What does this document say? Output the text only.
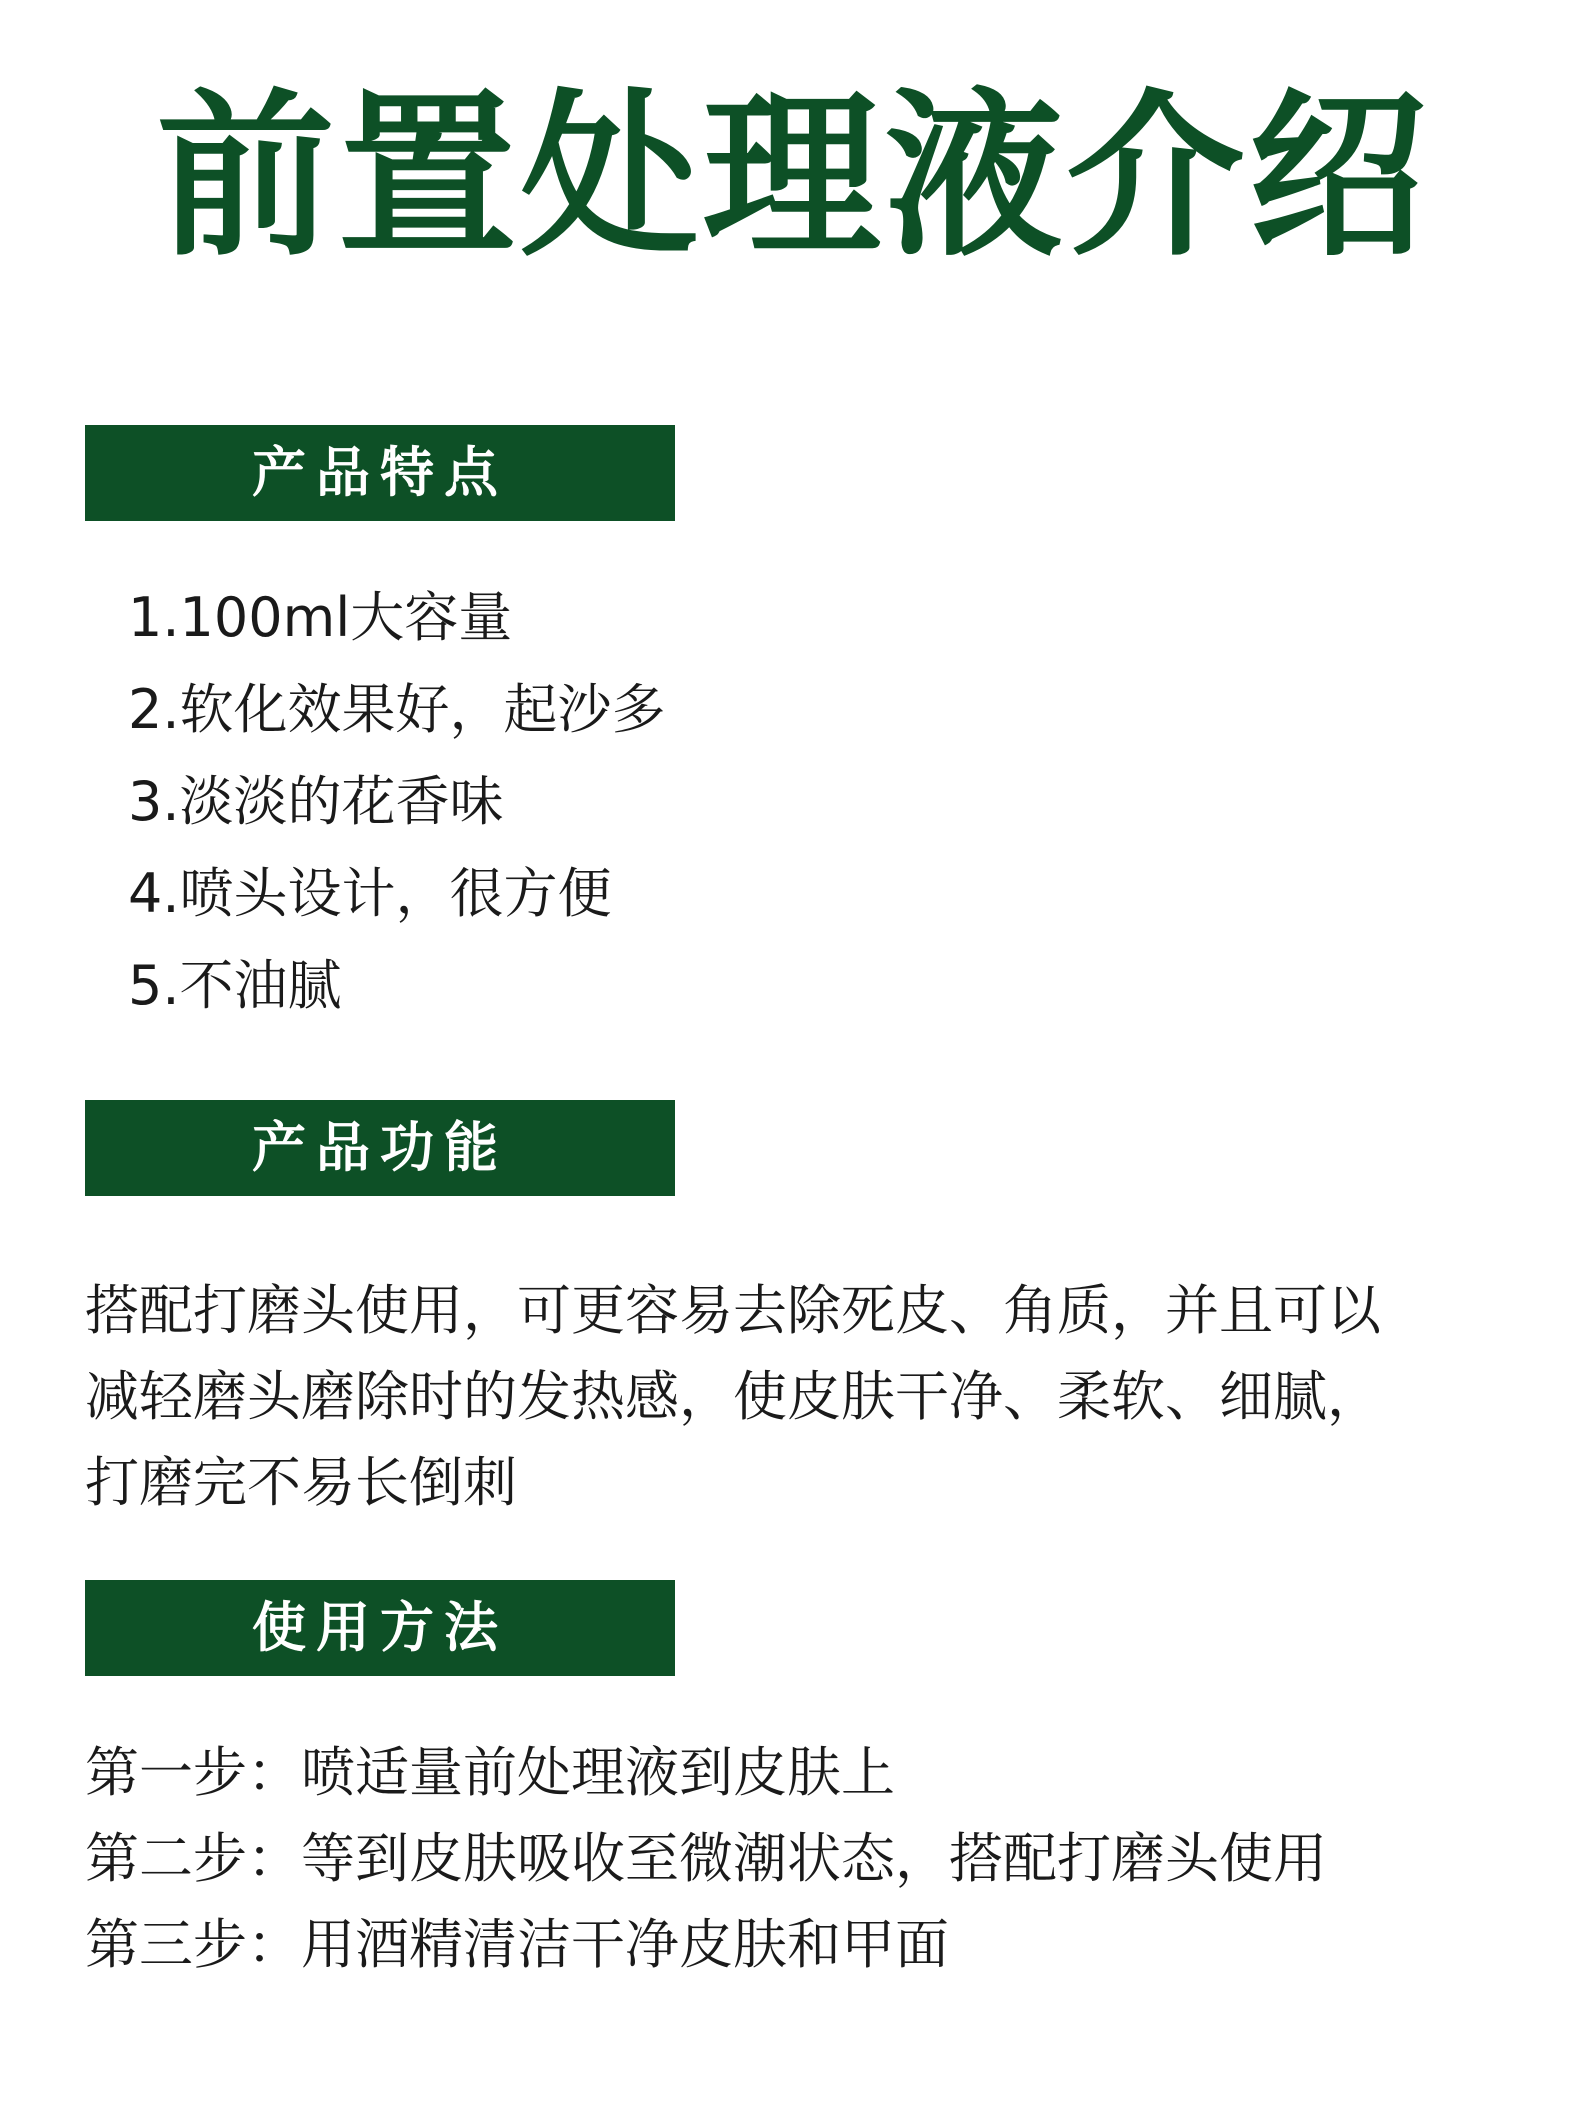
前置处理液介绍
产品特点
1.100ml大容量
2.软化效果好，起沙多
3.淡淡的花香味
4.喷头设计，很方便
5.不油腻
产品功能
搭配打磨头使用，可更容易去除死皮、角质，并且可以
减轻磨头磨除时的发热感，使皮肤干净、柔软、细腻，
打磨完不易长倒刺
使用方法
第一步：喷适量前处理液到皮肤上
第二步：等到皮肤吸收至微潮状态，搭配打磨头使用
第三步：用酒精清洁干净皮肤和甲面
